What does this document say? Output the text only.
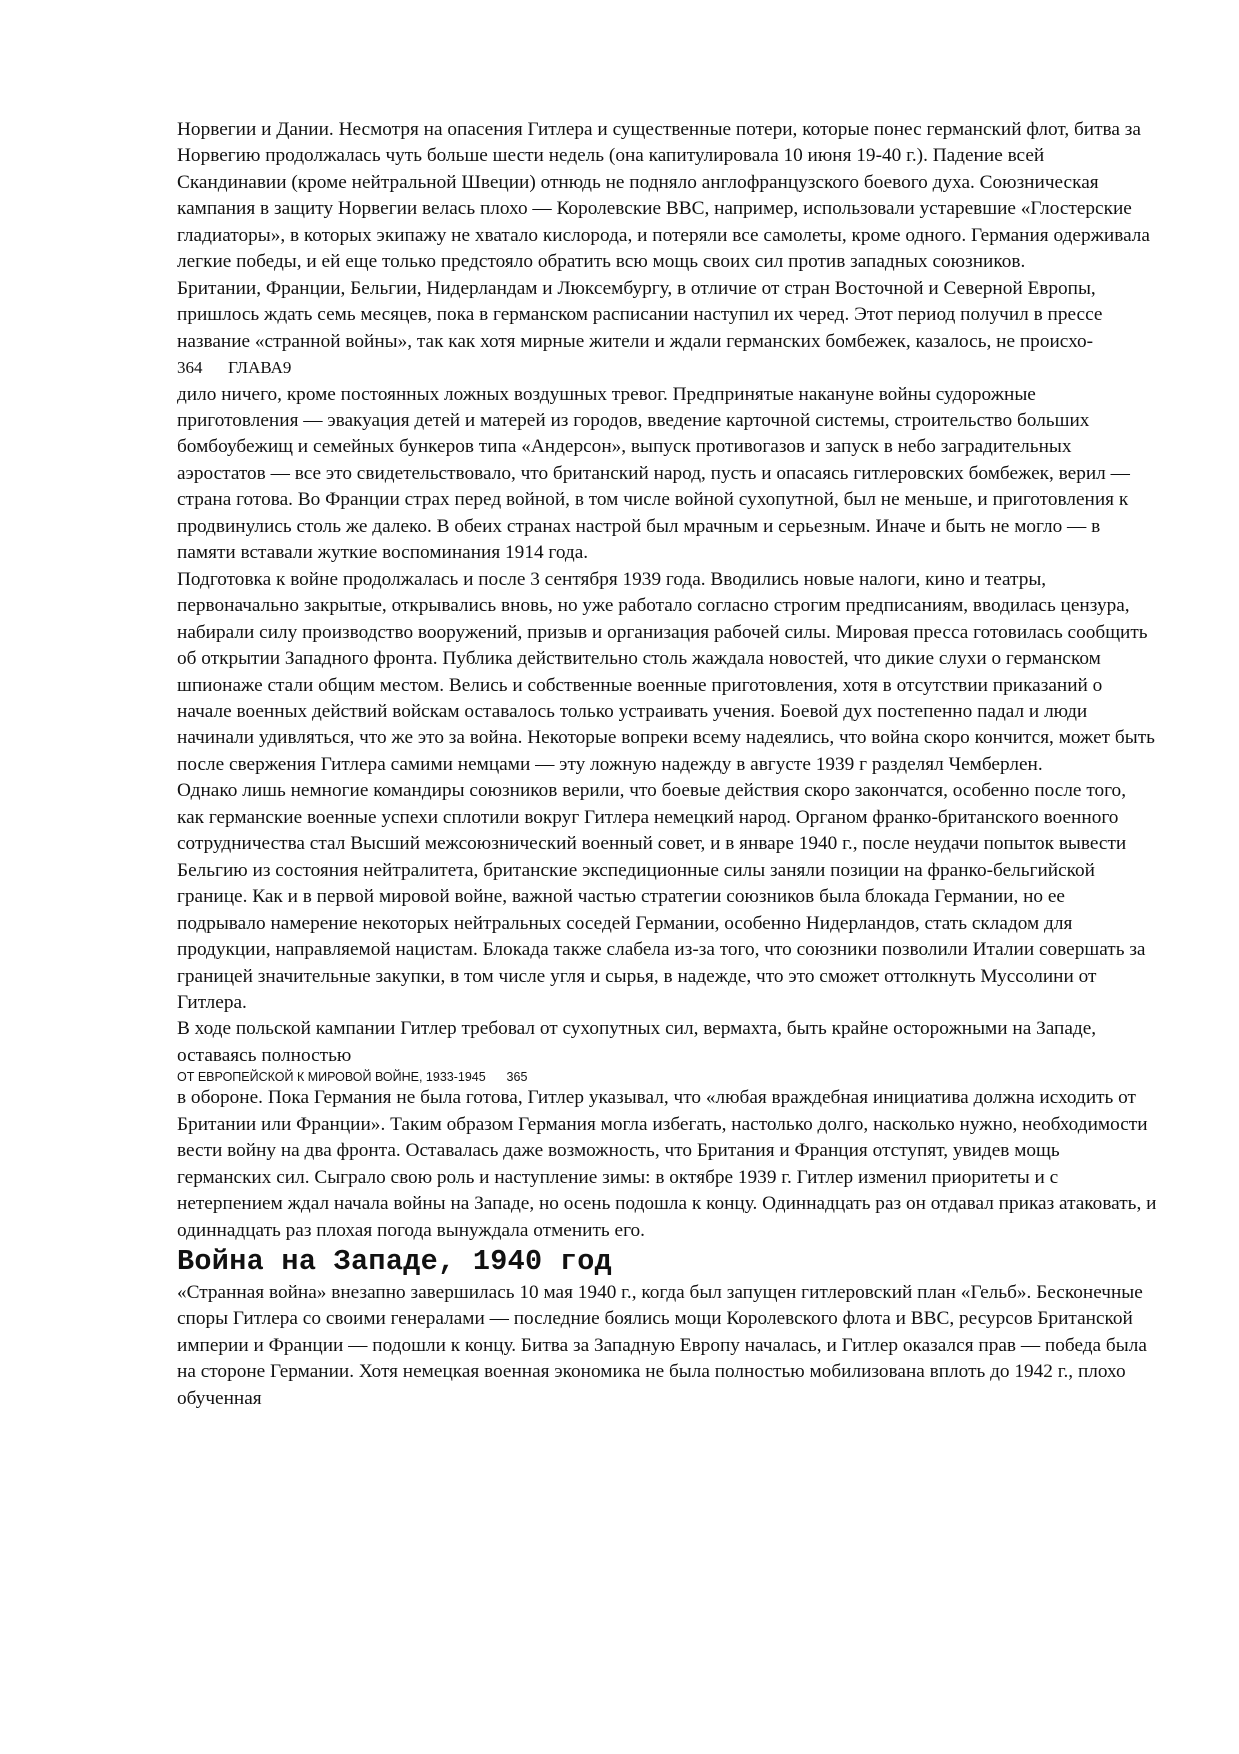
Норвегии и Дании. Несмотря на опасения Гитлера и существенные потери, которые понес германский флот, битва за Норвегию продолжалась чуть больше шести недель (она капитулировала 10 июня 19-40 г.). Падение всей Скандинавии (кроме нейтральной Швеции) отнюдь не подняло англофранцузского боевого духа. Союзническая кампания в защиту Норвегии велась плохо — Королевские ВВС, например, использовали устаревшие «Глостерские гладиаторы», в которых экипажу не хватало кислорода, и потеряли все самолеты, кроме одного. Германия одерживала легкие победы, и ей еще только предстояло обратить всю мощь своих сил против западных союзников.

Британии, Франции, Бельгии, Нидерландам и Люксембургу, в отличие от стран Восточной и Северной Европы, пришлось ждать семь месяцев, пока в германском расписании наступил их черед. Этот период получил в прессе название «странной войны», так как хотя мирные жители и ждали германских бомбежек, казалось, не происхо-

364      ГЛАВА9

дило ничего, кроме постоянных ложных воздушных тревог. Предпринятые накануне войны судорожные приготовления — эвакуация детей и матерей из городов, введение карточной системы, строительство больших бомбоубежищ и семейных бункеров типа «Андерсон», выпуск противогазов и запуск в небо заградительных аэростатов — все это свидетельствовало, что британский народ, пусть и опасаясь гитлеровских бомбежек, верил — страна готова. Во Франции страх перед войной, в том числе войной сухопутной, был не меньше, и приготовления к продвинулись столь же далеко. В обеих странах настрой был мрачным и серьезным. Иначе и быть не могло — в памяти вставали жуткие воспоминания 1914 года.

Подготовка к войне продолжалась и после 3 сентября 1939 года. Вводились новые налоги, кино и театры, первоначально закрытые, открывались вновь, но уже работало согласно строгим предписаниям, вводилась цензура, набирали силу производство вооружений, призыв и организация рабочей силы. Мировая пресса готовилась сообщить об открытии Западного фронта. Публика действительно столь жаждала новостей, что дикие слухи о германском шпионаже стали общим местом. Велись и собственные военные приготовления, хотя в отсутствии приказаний о начале военных действий войскам оставалось только устраивать учения. Боевой дух постепенно падал и люди начинали удивляться, что же это за война. Некоторые вопреки всему надеялись, что война скоро кончится, может быть после свержения Гитлера самими немцами — эту ложную надежду в августе 1939 г разделял Чемберлен.

Однако лишь немногие командиры союзников верили, что боевые действия скоро закончатся, особенно после того, как германские военные успехи сплотили вокруг Гитлера немецкий народ. Органом франко-британского военного сотрудничества стал Высший межсоюзнический военный совет, и в январе 1940 г., после неудачи попыток вывести Бельгию из состояния нейтралитета, британские экспедиционные силы заняли позиции на франко-бельгийской границе. Как и в первой мировой войне, важной частью стратегии союзников была блокада Германии, но ее подрывало намерение некоторых нейтральных соседей Германии, особенно Нидерландов, стать складом для продукции, направляемой нацистам. Блокада также слабела из-за того, что союзники позволили Италии совершать за границей значительные закупки, в том числе угля и сырья, в надежде, что это сможет оттолкнуть Муссолини от Гитлера.

В ходе польской кампании Гитлер требовал от сухопутных сил, вермахта, быть крайне осторожными на Западе, оставаясь полностью

ОТ ЕВРОПЕЙСКОЙ К МИРОВОЙ ВОЙНЕ, 1933-1945      365

в обороне. Пока Германия не была готова, Гитлер указывал, что «любая враждебная инициатива должна исходить от Британии или Франции». Таким образом Германия могла избегать, настолько долго, насколько нужно, необходимости вести войну на два фронта. Оставалась даже возможность, что Британия и Франция отступят, увидев мощь германских сил. Сыграло свою роль и наступление зимы: в октябре 1939 г. Гитлер изменил приоритеты и с нетерпением ждал начала войны на Западе, но осень подошла к концу. Одиннадцать раз он отдавал приказ атаковать, и одиннадцать раз плохая погода вынуждала отменить его.

Война на Западе, 1940 год

«Странная война» внезапно завершилась 10 мая 1940 г., когда был запущен гитлеровский план «Гельб». Бесконечные споры Гитлера со своими генералами — последние боялись мощи Королевского флота и ВВС, ресурсов Британской империи и Франции — подошли к концу. Битва за Западную Европу началась, и Гитлер оказался прав — победа была на стороне Германии. Хотя немецкая военная экономика не была полностью мобилизована вплоть до 1942 г., плохо обученная
